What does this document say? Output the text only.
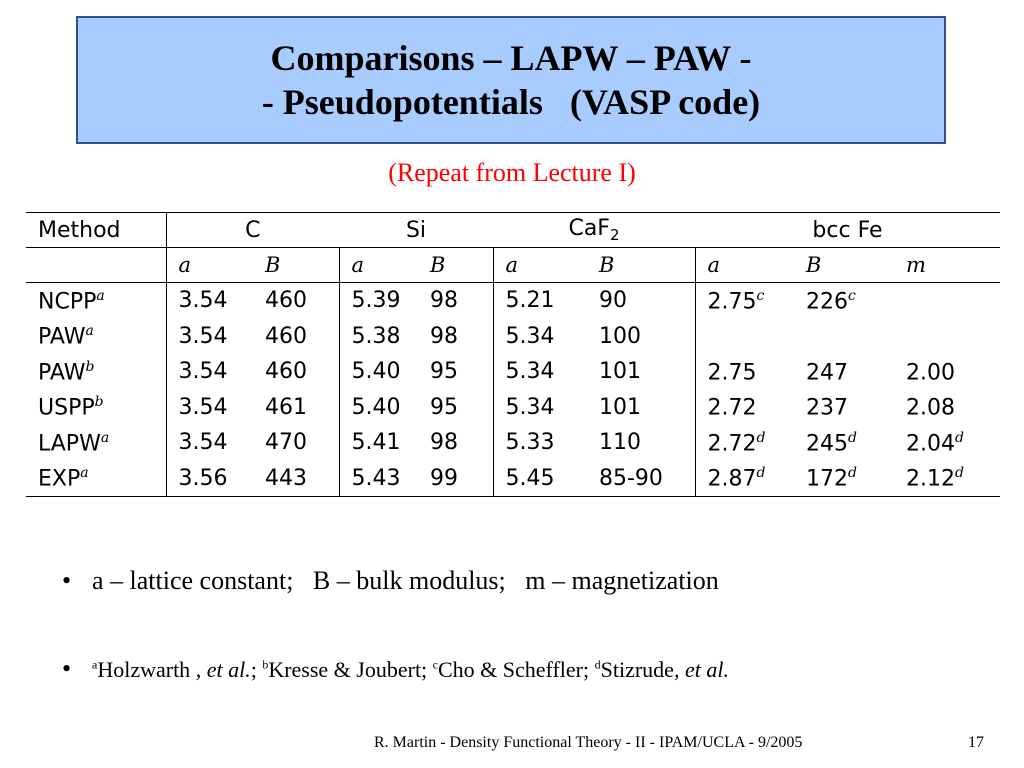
Comparisons – LAPW – PAW -
- Pseudopotentials   (VASP code)
(Repeat from Lecture I)
Method	C		Si		CaF$_2$		bcc Fe		
	a	B	a	B	a	B	a	B	m
NCPP$^a$	3.54	460	5.39	98	5.21	90	2.75$^c$	226$^c$	
PAW$^a$	3.54	460	5.38	98	5.34	100			
PAW$^b$	3.54	460	5.40	95	5.34	101	2.75	247	2.00
USPP$^b$	3.54	461	5.40	95	5.34	101	2.72	237	2.08
LAPW$^a$	3.54	470	5.41	98	5.33	110	2.72$^d$	245$^d$	2.04$^d$
EXP$^a$	3.56	443	5.43	99	5.45	85-90	2.87$^d$	172$^d$	2.12$^d$
• a – lattice constant;   B – bulk modulus;   m – magnetization
•	$^a$Holzwarth , et al.; $^b$Kresse & Joubert; $^c$Cho & Scheffler; $^d$Stizrude, et al.
R. Martin - Density Functional Theory - II - IPAM/UCLA - 9/2005	17
